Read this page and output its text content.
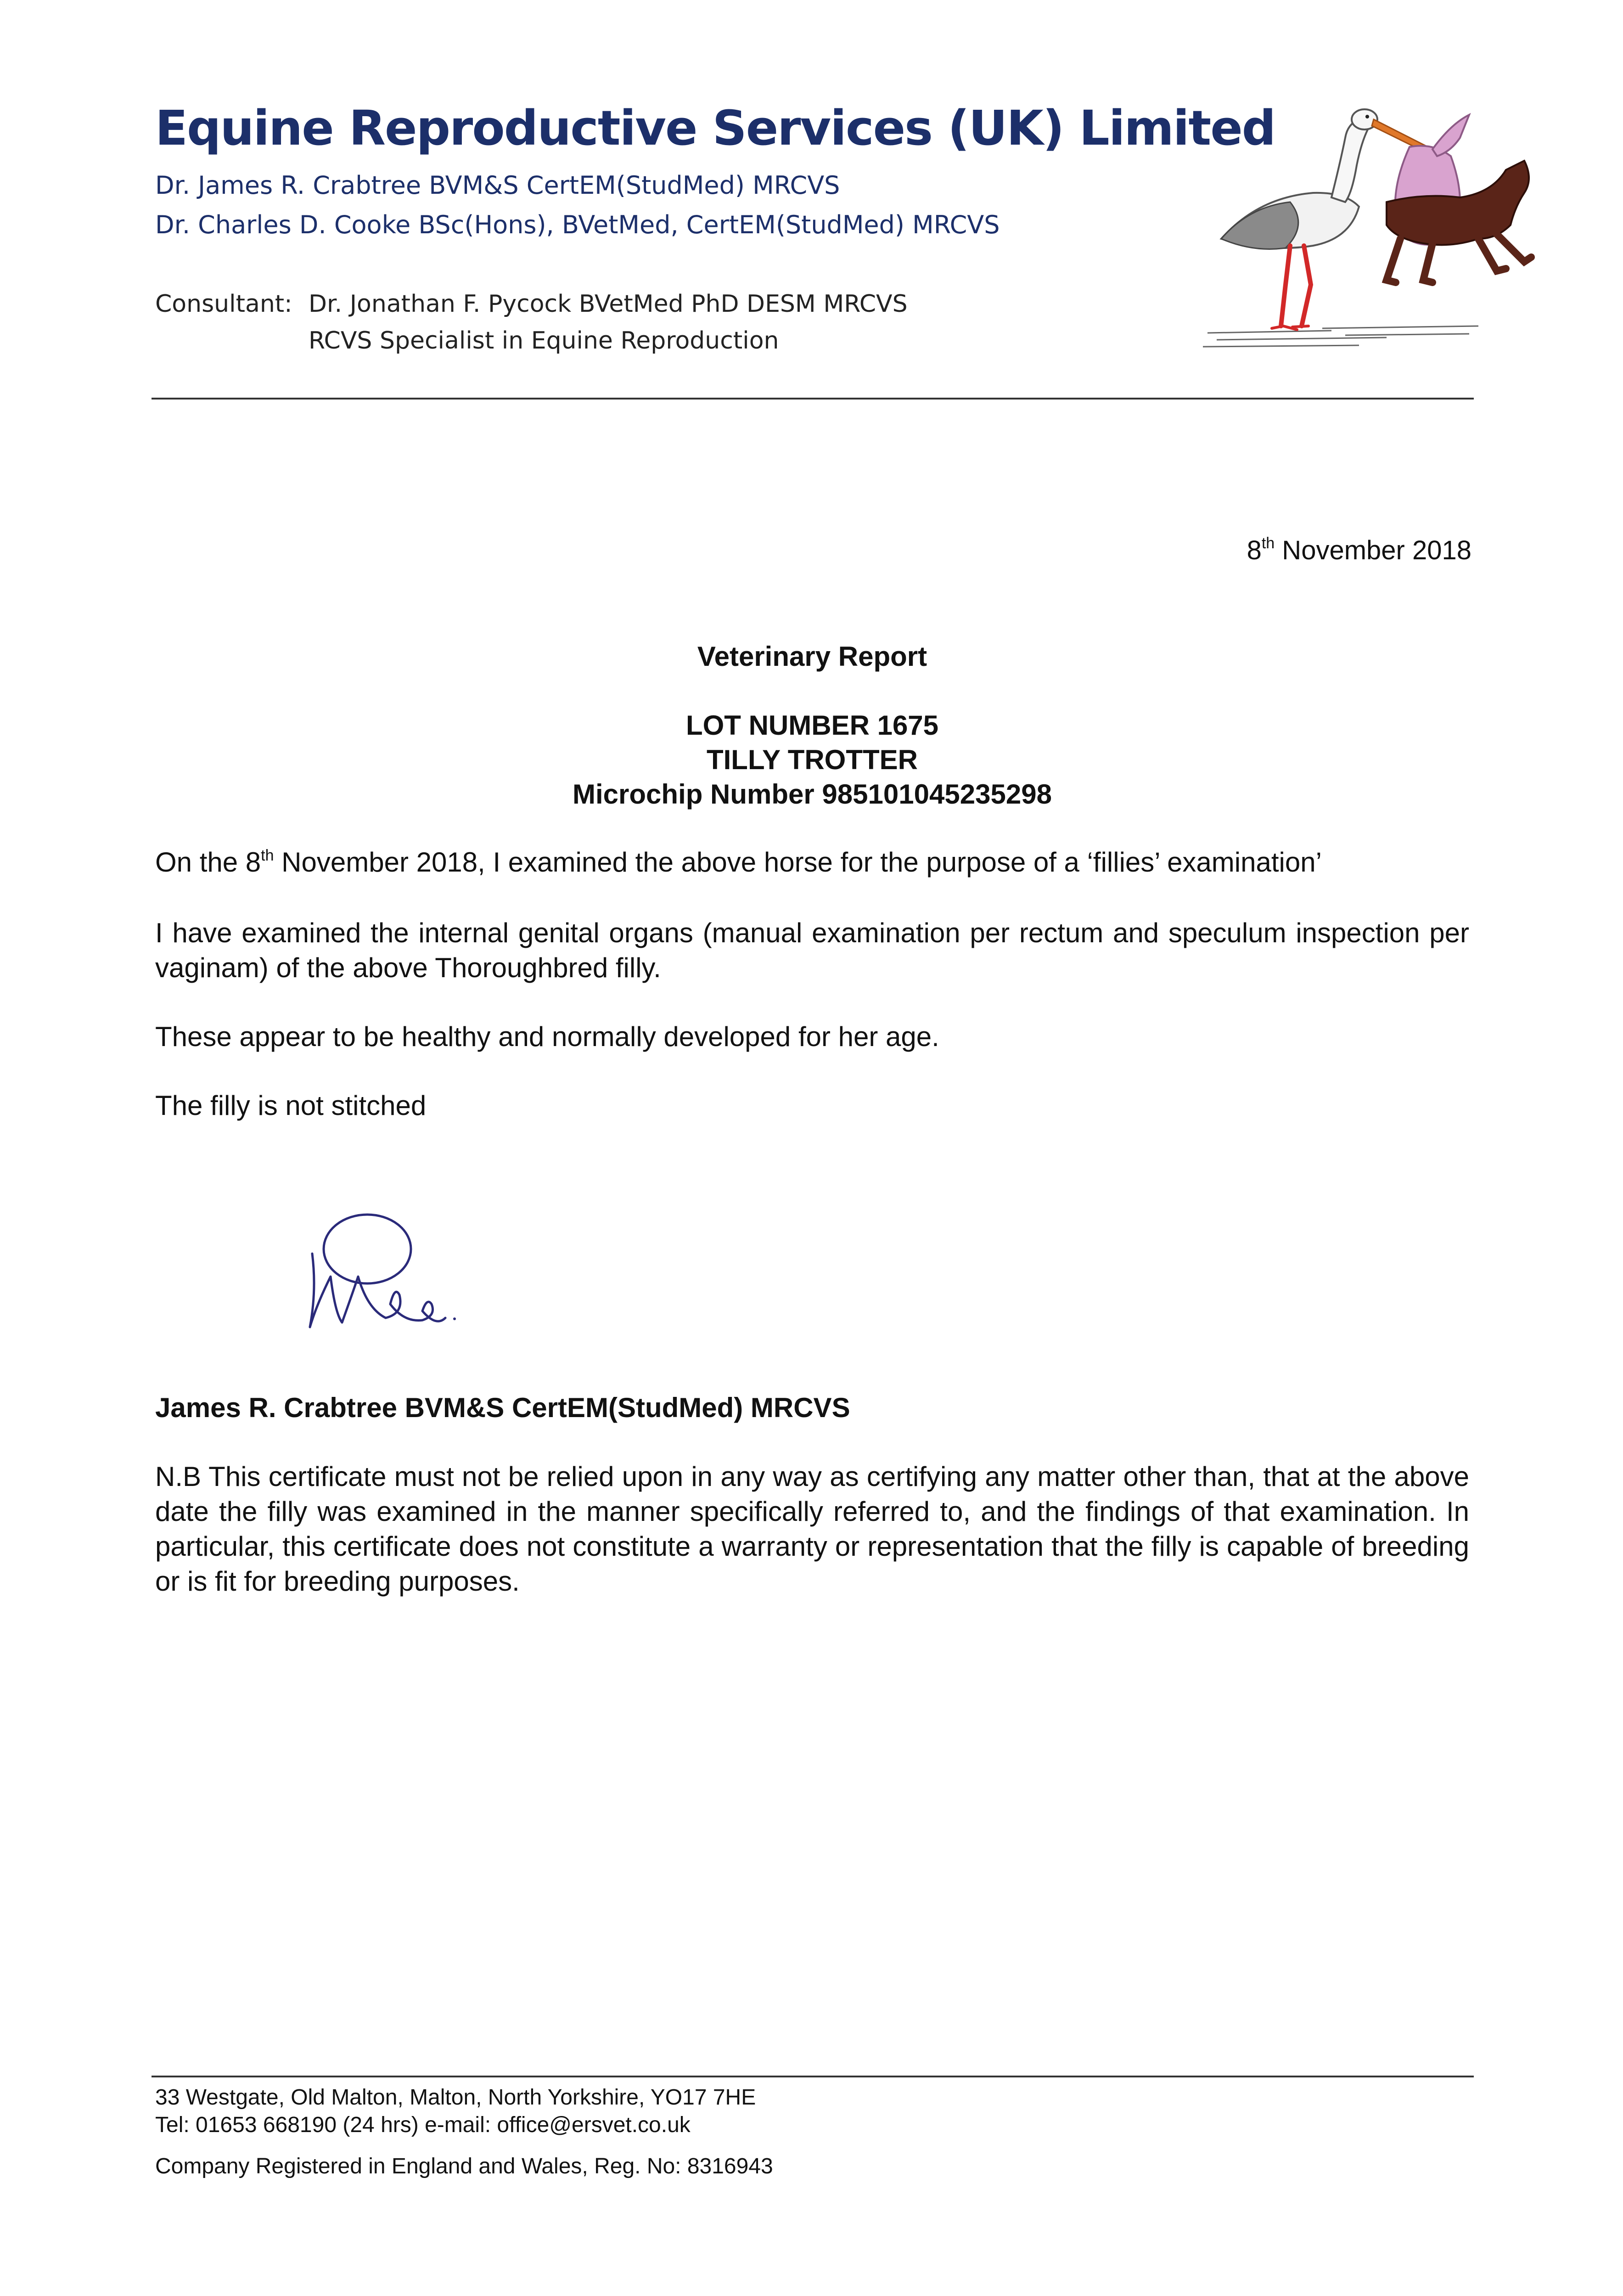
Equine Reproductive Services (UK) Limited
Dr. James R. Crabtree BVM&S CertEM(StudMed) MRCVS
Dr. Charles D. Cooke BSc(Hons), BVetMed, CertEM(StudMed) MRCVS
Consultant: Dr. Jonathan F. Pycock BVetMed PhD DESM MRCVS
RCVS Specialist in Equine Reproduction
8th November 2018
Veterinary Report
LOT NUMBER 1675
TILLY TROTTER
Microchip Number 985101045235298
On the 8th November 2018, I examined the above horse for the purpose of a ‘fillies’ examination’
I have examined the internal genital organs (manual examination per rectum and speculum inspection per vaginam) of the above Thoroughbred filly.
These appear to be healthy and normally developed for her age.
The filly is not stitched
James R. Crabtree BVM&S CertEM(StudMed) MRCVS
N.B This certificate must not be relied upon in any way as certifying any matter other than, that at the above date the filly was examined in the manner specifically referred to, and the findings of that examination. In particular, this certificate does not constitute a warranty or representation that the filly is capable of breeding or is fit for breeding purposes.
33 Westgate, Old Malton, Malton, North Yorkshire, YO17 7HE
Tel: 01653 668190 (24 hrs) e-mail: office@ersvet.co.uk
Company Registered in England and Wales, Reg. No: 8316943
